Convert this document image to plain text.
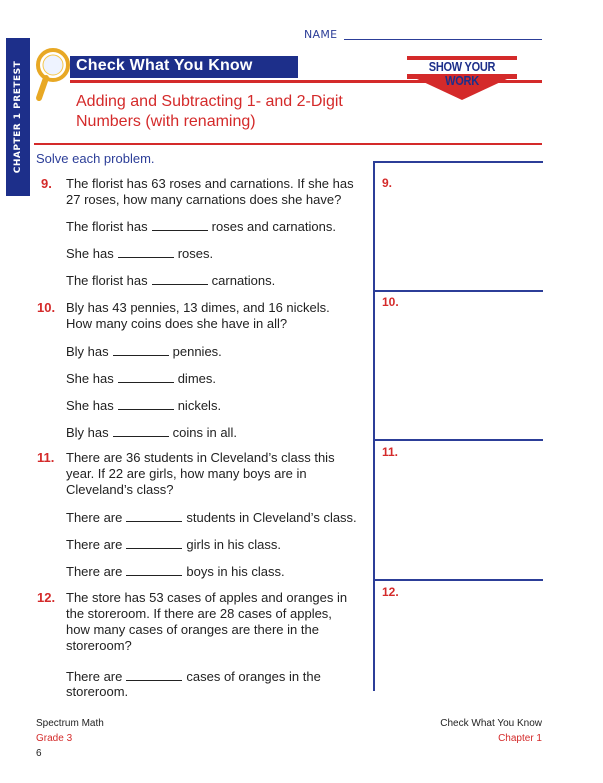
CHAPTER 1 PRETEST
NAME
Check What You Know	SHOW YOUR WORK
Adding and Subtracting 1- and 2-Digit
Numbers (with renaming)
Solve each problem.
9.
10.
11.
12.
9. The florist has 63 roses and carnations. If she has
27 roses, how many carnations does she have?
The florist has	roses and carnations.
She has	roses.
The florist has	carnations.
10. Bly has 43 pennies, 13 dimes, and 16 nickels.
How many coins does she have in all?
Bly has	pennies.
She has	dimes.
She has	nickels.
Bly has	coins in all.
11. There are 36 students in Cleveland’s class this
year. If 22 are girls, how many boys are in
Cleveland’s class?
There are	students in Cleveland’s class.
There are	girls in his class.
There are	boys in his class.
12. The store has 53 cases of apples and oranges in
the storeroom. If there are 28 cases of apples,
how many cases of oranges are there in the
storeroom?
There are	cases of oranges in the
storeroom.
Spectrum Math
Grade 3
6
Check What You Know
Chapter 1
